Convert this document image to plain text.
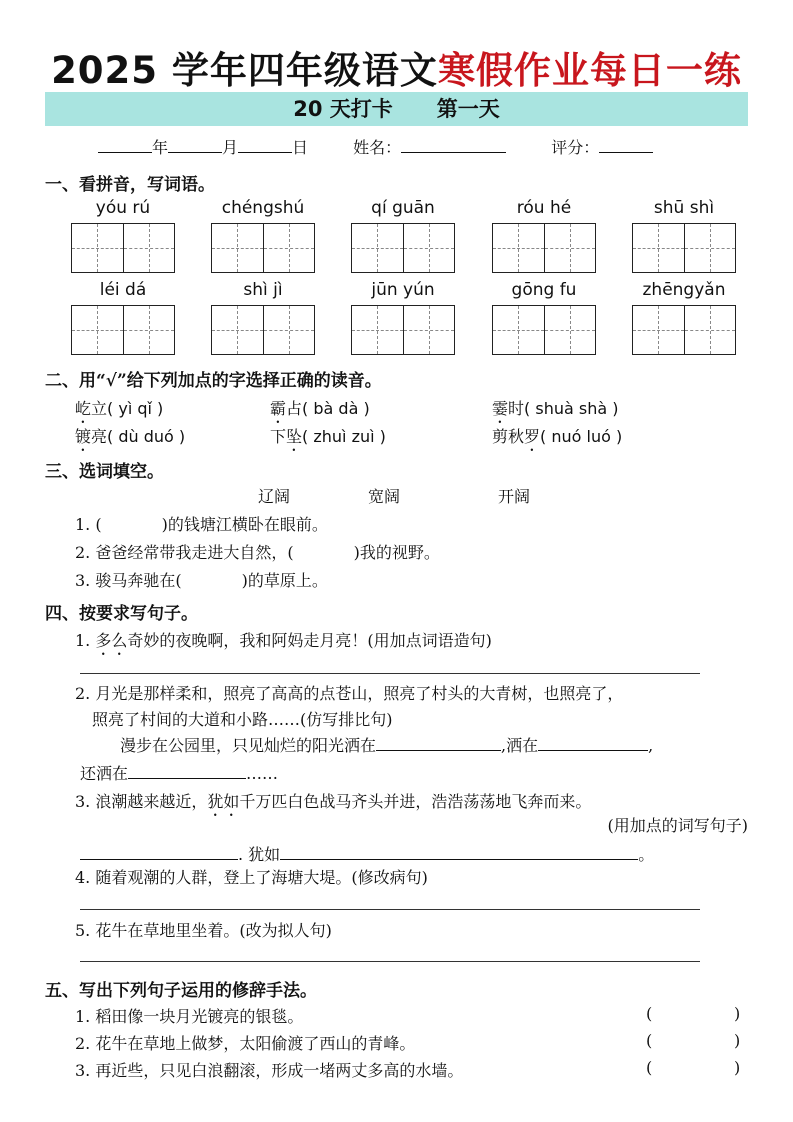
2025 学年四年级语文寒假作业每日一练
20 天打卡 第一天
年	月	日	姓名：	评分：
一、看拼音，写词语。
yóu rú	chéngshú	qí guān	róu hé	shū shì
léi dá	shì jì	jūn yún	gōng fu	zhēngyǎn
二、用“√”给下列加点的字选择正确的读音。
屹立( yì qǐ )	霸占( bà dà )	霎时( shuà shà )
镀亮( dù duó )	下坠( zhuì zuì )	剪秋罗( nuó luó )
三、选词填空。
辽阔	宽阔	开阔
1. (	)的钱塘江横卧在眼前。
2. 爸爸经常带我走进大自然，(	)我的视野。
3. 骏马奔驰在(	)的草原上。
四、按要求写句子。
1. 多么奇妙的夜晚啊，我和阿妈走月亮！(用加点词语造句)
2. 月光是那样柔和，照亮了高高的点苍山，照亮了村头的大青树，也照亮了，
照亮了村间的大道和小路……(仿写排比句)
漫步在公园里，只见灿烂的阳光洒在	,洒在	,
还洒在	……
3. 浪潮越来越近，犹如千万匹白色战马齐头并进，浩浩荡荡地飞奔而来。
(用加点的词写句子)
. 犹如	。
4. 随着观潮的人群，登上了海塘大堤。(修改病句)
5. 花牛在草地里坐着。(改为拟人句)
五、写出下列句子运用的修辞手法。
1. 稻田像一块月光镀亮的银毯。	(	)
2. 花牛在草地上做梦，太阳偷渡了西山的青峰。	(	)
3. 再近些，只见白浪翻滚，形成一堵两丈多高的水墙。	(	)
